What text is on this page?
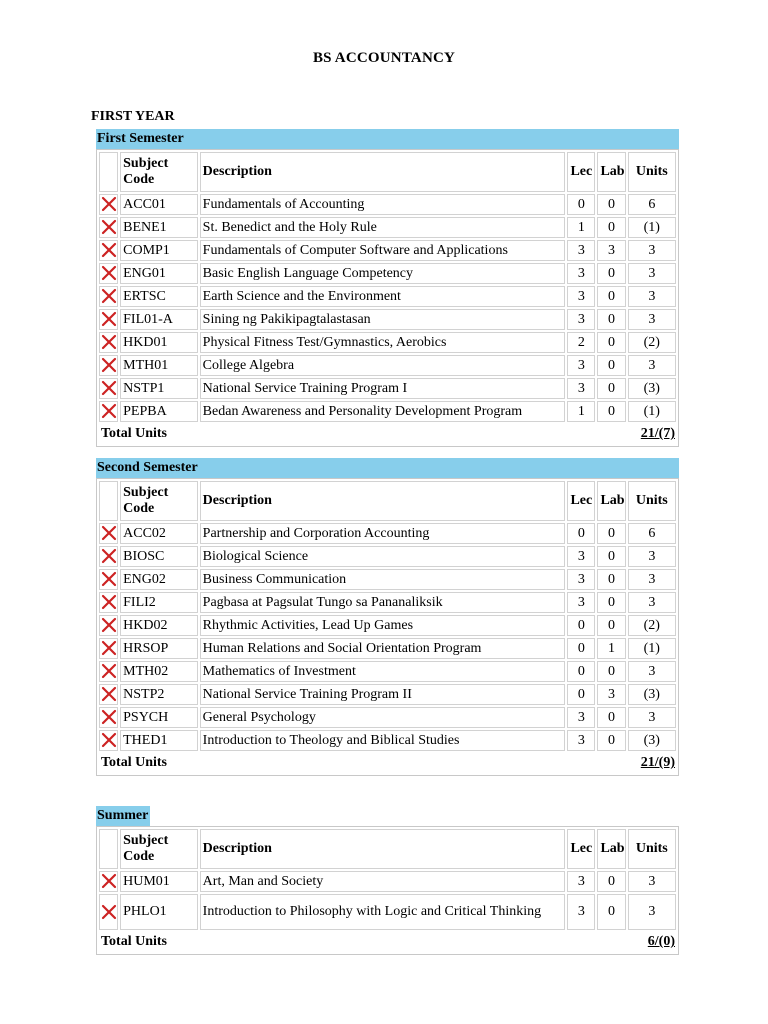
BS ACCOUNTANCY
FIRST YEAR
First Semester
	Subject Code	Description	Lec	Lab	Units
	ACC01	Fundamentals of Accounting	0	0	6
	BENE1	St. Benedict and the Holy Rule	1	0	(1)
	COMP1	Fundamentals of Computer Software and Applications	3	3	3
	ENG01	Basic English Language Competency	3	0	3
	ERTSC	Earth Science and the Environment	3	0	3
	FIL01-A	Sining ng Pakikipagtalastasan	3	0	3
	HKD01	Physical Fitness Test/Gymnastics, Aerobics	2	0	(2)
	MTH01	College Algebra	3	0	3
	NSTP1	National Service Training Program I	3	0	(3)
	PEPBA	Bedan Awareness and Personality Development Program	1	0	(1)
Total Units			21/(7)		
Second Semester
	Subject Code	Description	Lec	Lab	Units
	ACC02	Partnership and Corporation Accounting	0	0	6
	BIOSC	Biological Science	3	0	3
	ENG02	Business Communication	3	0	3
	FILI2	Pagbasa at Pagsulat Tungo sa Pananaliksik	3	0	3
	HKD02	Rhythmic Activities, Lead Up Games	0	0	(2)
	HRSOP	Human Relations and Social Orientation Program	0	1	(1)
	MTH02	Mathematics of Investment	0	0	3
	NSTP2	National Service Training Program II	0	3	(3)
	PSYCH	General Psychology	3	0	3
	THED1	Introduction to Theology and Biblical Studies	3	0	(3)
Total Units			21/(9)		
Summer
	Subject Code	Description	Lec	Lab	Units
	HUM01	Art, Man and Society	3	0	3
	PHLO1	Introduction to Philosophy with Logic and Critical Thinking	3	0	3
Total Units			6/(0)		
